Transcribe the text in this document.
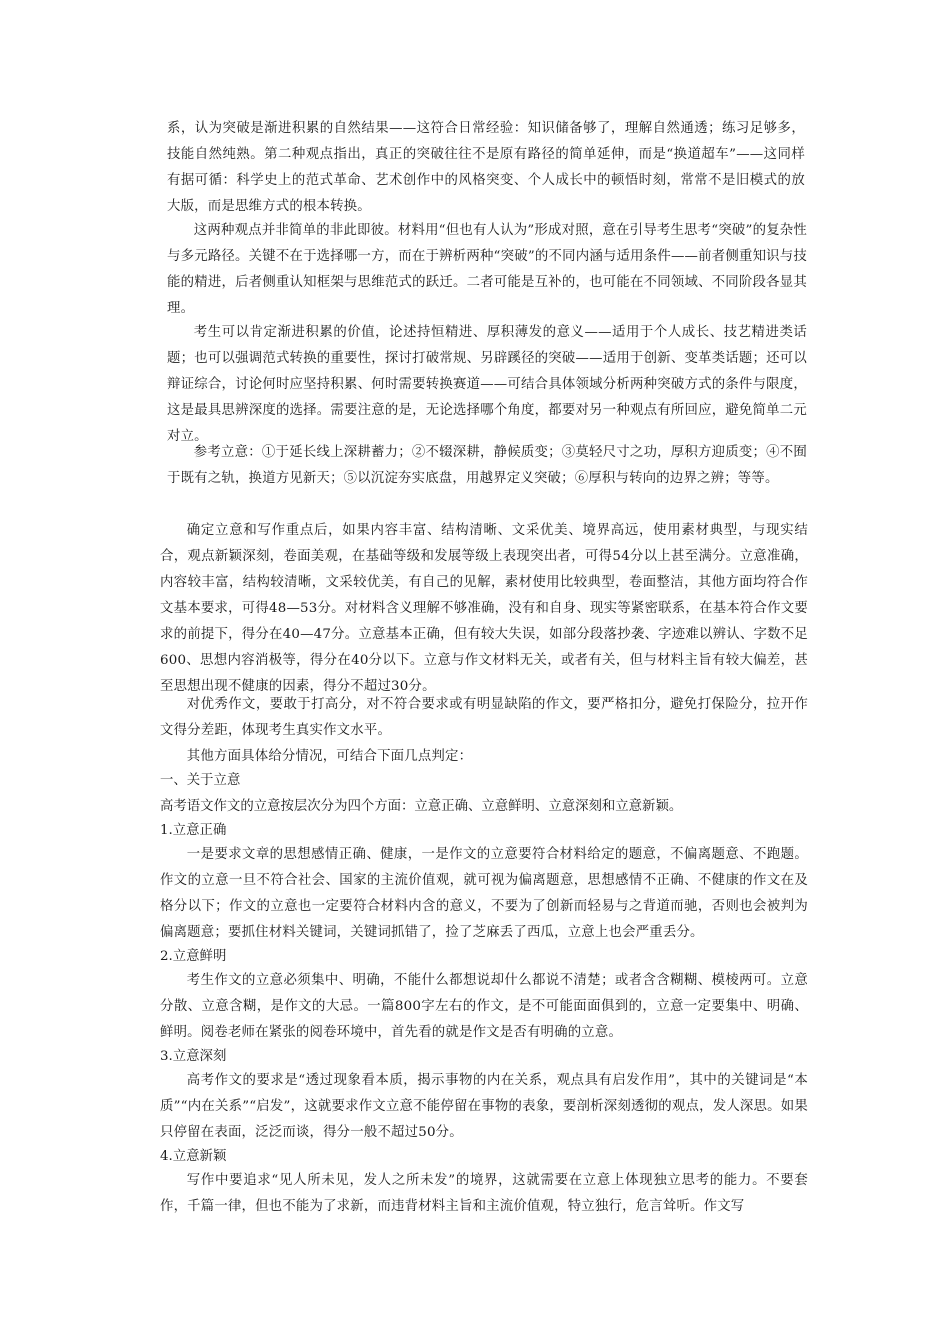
系，认为突破是渐进积累的自然结果——这符合日常经验：知识储备够了，理解自然通透；练习足够多，技能自然纯熟。第二种观点指出，真正的突破往往不是原有路径的简单延伸，而是“换道超车”——这同样有据可循：科学史上的范式革命、艺术创作中的风格突变、个人成长中的顿悟时刻，常常不是旧模式的放大版，而是思维方式的根本转换。

这两种观点并非简单的非此即彼。材料用“但也有人认为”形成对照，意在引导考生思考“突破”的复杂性与多元路径。关键不在于选择哪一方，而在于辨析两种“突破”的不同内涵与适用条件——前者侧重知识与技能的精进，后者侧重认知框架与思维范式的跃迁。二者可能是互补的，也可能在不同领域、不同阶段各显其理。

考生可以肯定渐进积累的价值，论述持恒精进、厚积薄发的意义——适用于个人成长、技艺精进类话题；也可以强调范式转换的重要性，探讨打破常规、另辟蹊径的突破——适用于创新、变革类话题；还可以辩证综合，讨论何时应坚持积累、何时需要转换赛道——可结合具体领域分析两种突破方式的条件与限度，这是最具思辨深度的选择。需要注意的是，无论选择哪个角度，都要对另一种观点有所回应，避免简单二元对立。

参考立意：①于延长线上深耕蓄力；②不辍深耕，静候质变；③莫轻尺寸之功，厚积方迎质变；④不囿于既有之轨，换道方见新天；⑤以沉淀夯实底盘，用越界定义突破；⑥厚积与转向的边界之辨；等等。

确定立意和写作重点后，如果内容丰富、结构清晰、文采优美、境界高远，使用素材典型，与现实结合，观点新颖深刻，卷面美观，在基础等级和发展等级上表现突出者，可得54分以上甚至满分。立意准确，内容较丰富，结构较清晰，文采较优美，有自己的见解，素材使用比较典型，卷面整洁，其他方面均符合作文基本要求，可得48—53分。对材料含义理解不够准确，没有和自身、现实等紧密联系，在基本符合作文要求的前提下，得分在40—47分。立意基本正确，但有较大失误，如部分段落抄袭、字迹难以辨认、字数不足600、思想内容消极等，得分在40分以下。立意与作文材料无关，或者有关，但与材料主旨有较大偏差，甚至思想出现不健康的因素，得分不超过30分。

对优秀作文，要敢于打高分，对不符合要求或有明显缺陷的作文，要严格扣分，避免打保险分，拉开作文得分差距，体现考生真实作文水平。

其他方面具体给分情况，可结合下面几点判定：

一、关于立意
高考语文作文的立意按层次分为四个方面：立意正确、立意鲜明、立意深刻和立意新颖。
1.立意正确

一是要求文章的思想感情正确、健康，一是作文的立意要符合材料给定的题意，不偏离题意、不跑题。作文的立意一旦不符合社会、国家的主流价值观，就可视为偏离题意，思想感情不正确、不健康的作文在及格分以下；作文的立意也一定要符合材料内含的意义，不要为了创新而轻易与之背道而驰，否则也会被判为偏离题意；要抓住材料关键词，关键词抓错了，捡了芝麻丢了西瓜，立意上也会严重丢分。

2.立意鲜明

考生作文的立意必须集中、明确，不能什么都想说却什么都说不清楚；或者含含糊糊、模棱两可。立意分散、立意含糊，是作文的大忌。一篇800字左右的作文，是不可能面面俱到的，立意一定要集中、明确、鲜明。阅卷老师在紧张的阅卷环境中，首先看的就是作文是否有明确的立意。

3.立意深刻

高考作文的要求是“透过现象看本质，揭示事物的内在关系，观点具有启发作用”，其中的关键词是“本质”“内在关系”“启发”，这就要求作文立意不能停留在事物的表象，要剖析深刻透彻的观点，发人深思。如果只停留在表面，泛泛而谈，得分一般不超过50分。

4.立意新颖

写作中要追求“见人所未见，发人之所未发”的境界，这就需要在立意上体现独立思考的能力。不要套作，千篇一律，但也不能为了求新，而违背材料主旨和主流价值观，特立独行，危言耸听。作文写
